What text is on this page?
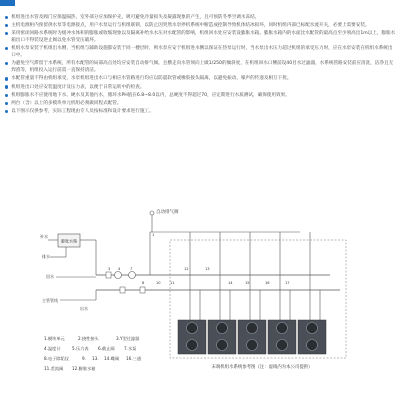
机组进出水管及阀门应保温隔热，室外部分应加保护壳，吸可避免冷量损失及凝露现象的产生，且可预防冬季空调水冻结。
主机电源柜内预留供水泵等电源接点，用户水泵运行与机组联锁，以防止因突然水泵停机系统中断造成控制导致机体结冰损坏，同时机组内部已标配水流开关，必要上需要安装。
采用密闭回路水系统时为缓冲水体积的膨胀或收缩现象以及隔离补给水水压对水配管的影响，机组回水处应安装设膨胀水箱。膨胀水箱内的水面比水配管的最高点至少须高出1m以上，膨胀水箱出口不得装设逆止阀以免水管受压破坏。
机组水泵安装于机组出水侧，当机组与辅助设施都安装于同一楼层时，则水泵应安于机组进水侧以保证在热泵运行时，当水泵出水压力超过机组的承受压力时，应在水泵安装在机组水系统出口中。
为避免空气滞留于水系统，所有水配管的局部高点处均应安装自动排气阀。且横走向水管须向上做1/250的倾斜度，在机组回水口侧前设40目水过滤器，水系统管路安装前应清洗，洁净且无焊渣等，机组投入运行前需一直保持清洁。
水配管重量不得由机组承受，水泵机组进出水口与相应水管路进行均应以防震软管或橡胶接头隔离，以避免振动、噪声的传递及相互干扰。
机组进出口处应安装温度计及压力表，以便于日常运转中的检查。
机组膨胀水不应使用地下水、硬水及其他污水，循环水PH值在6.8~8.0以内，总硬度不得超过70，应定期进行水质测试，确保使用效果。
两台（含）以上的多模块单元机组必须做同程式配管。
以下图示仅供参考，实际工程现由专人员按标准和设计要求进行施工。
膨胀水箱
补水
排水
自动排气阀
回水
主管管线
出水
1
3 4	7
8	10	11
12	13
14	15	16	17
1.模块单元	2.挠性接头	3.Y型过滤器
4.温度计	5.压力表 6.截止阀 7.水泵
8.电子除垢仪	9. 13. 14.蝶阀 16.三通
11.差流阀 12.膨胀水箱	末端机组水系统参考图（注：虚线内为本公司提供）
